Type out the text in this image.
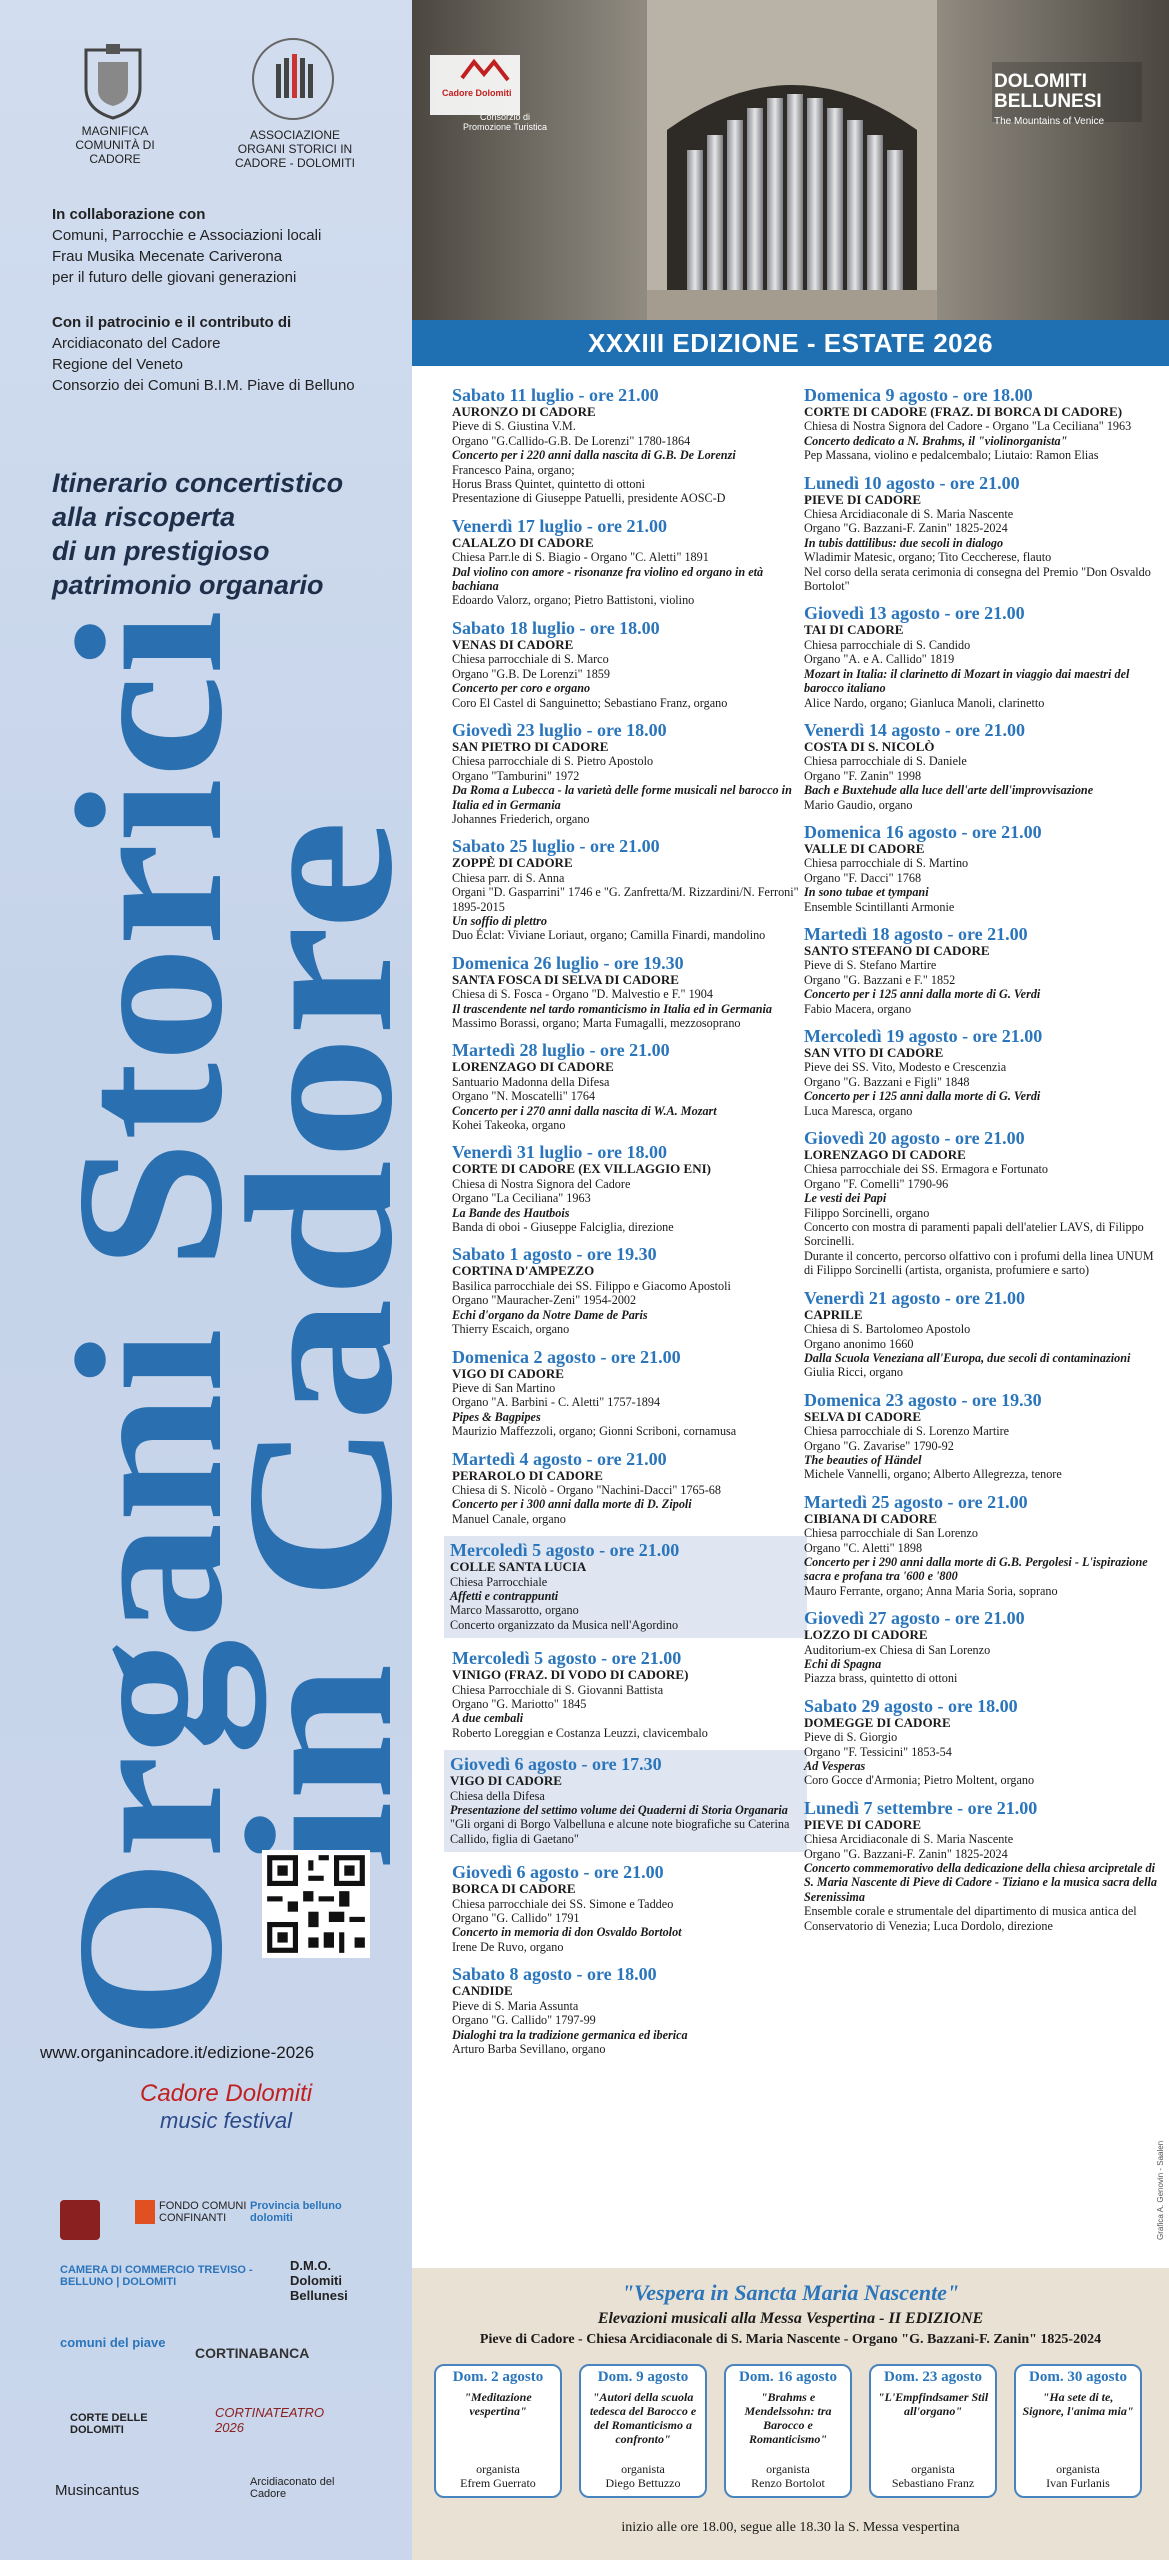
MAGNIFICA COMUNITÀ DI CADORE
ASSOCIAZIONE ORGANI STORICI IN CADORE - DOLOMITI
In collaborazione con
Comuni, Parrocchie e Associazioni locali
Frau Musika Mecenate Cariverona
per il futuro delle giovani generazioni
Con il patrocinio e il contributo di
Arcidiaconato del Cadore
Regione del Veneto
Consorzio dei Comuni B.I.M. Piave di Belluno
Itinerario concertistico
alla riscoperta
di un prestigioso
patrimonio organario
Organi Storici
in Cadore
www.organincadore.it/edizione-2026
Cadore Dolomiti
music festival
FONDO COMUNI CONFINANTI
Provincia belluno dolomiti
CAMERA DI COMMERCIO TREVISO - BELLUNO | DOLOMITI
D.M.O. Dolomiti Bellunesi
comuni del piave
CORTINABANCA
CORTE DELLE DOLOMITI
CORTINATEATRO 2026
Musincantus	Arcidiaconato del Cadore
Cadore Dolomiti
Consorzio di Promozione Turistica
DOLOMITI
BELLUNESI
The Mountains of Venice
XXXIII EDIZIONE - ESTATE 2026
Sabato 11 luglio - ore 21.00
AURONZO DI CADORE
Pieve di S. Giustina V.M.
Organo "G.Callido-G.B. De Lorenzi" 1780-1864
Concerto per i 220 anni dalla nascita di G.B. De Lorenzi
Francesco Paina, organo;
Horus Brass Quintet, quintetto di ottoni
Presentazione di Giuseppe Patuelli, presidente AOSC-D
Venerdì 17 luglio - ore 21.00
CALALZO DI CADORE
Chiesa Parr.le di S. Biagio - Organo "C. Aletti" 1891
Dal violino con amore - risonanze fra violino ed organo in età bachiana
Edoardo Valorz, organo; Pietro Battistoni, violino
Sabato 18 luglio - ore 18.00
VENAS DI CADORE
Chiesa parrocchiale di S. Marco
Organo "G.B. De Lorenzi" 1859
Concerto per coro e organo
Coro El Castel di Sanguinetto; Sebastiano Franz, organo
Giovedì 23 luglio - ore 18.00
SAN PIETRO DI CADORE
Chiesa parrocchiale di S. Pietro Apostolo
Organo "Tamburini" 1972
Da Roma a Lubecca - la varietà delle forme musicali nel barocco in Italia ed in Germania
Johannes Friederich, organo
Sabato 25 luglio - ore 21.00
ZOPPÈ DI CADORE
Chiesa parr. di S. Anna
Organi "D. Gasparrini" 1746 e "G. Zanfretta/M. Rizzardini/N. Ferroni" 1895-2015
Un soffio di plettro
Duo Éclat: Viviane Loriaut, organo; Camilla Finardi, mandolino
Domenica 26 luglio - ore 19.30
SANTA FOSCA DI SELVA DI CADORE
Chiesa di S. Fosca - Organo "D. Malvestio e F." 1904
Il trascendente nel tardo romanticismo in Italia ed in Germania
Massimo Borassi, organo; Marta Fumagalli, mezzosoprano
Martedì 28 luglio - ore 21.00
LORENZAGO DI CADORE
Santuario Madonna della Difesa
Organo "N. Moscatelli" 1764
Concerto per i 270 anni dalla nascita di W.A. Mozart
Kohei Takeoka, organo
Venerdì 31 luglio - ore 18.00
CORTE DI CADORE (EX VILLAGGIO ENI)
Chiesa di Nostra Signora del Cadore
Organo "La Ceciliana" 1963
La Bande des Hautbois
Banda di oboi - Giuseppe Falciglia, direzione
Sabato 1 agosto - ore 19.30
CORTINA D'AMPEZZO
Basilica parrocchiale dei SS. Filippo e Giacomo Apostoli
Organo "Mauracher-Zeni" 1954-2002
Echi d'organo da Notre Dame de Paris
Thierry Escaich, organo
Domenica 2 agosto - ore 21.00
VIGO DI CADORE
Pieve di San Martino
Organo "A. Barbini - C. Aletti" 1757-1894
Pipes & Bagpipes
Maurizio Maffezzoli, organo; Gionni Scriboni, cornamusa
Martedì 4 agosto - ore 21.00
PERAROLO DI CADORE
Chiesa di S. Nicolò - Organo "Nachini-Dacci" 1765-68
Concerto per i 300 anni dalla morte di D. Zipoli
Manuel Canale, organo
Mercoledì 5 agosto - ore 21.00
COLLE SANTA LUCIA
Chiesa Parrocchiale
Affetti e contrappunti
Marco Massarotto, organo
Concerto organizzato da Musica nell'Agordino
Mercoledì 5 agosto - ore 21.00
VINIGO (FRAZ. DI VODO DI CADORE)
Chiesa Parrocchiale di S. Giovanni Battista
Organo "G. Mariotto" 1845
A due cembali
Roberto Loreggian e Costanza Leuzzi, clavicembalo
Giovedì 6 agosto - ore 17.30
VIGO DI CADORE
Chiesa della Difesa
Presentazione del settimo volume dei Quaderni di Storia Organaria
"Gli organi di Borgo Valbelluna e alcune note biografiche su Caterina Callido, figlia di Gaetano"
Giovedì 6 agosto - ore 21.00
BORCA DI CADORE
Chiesa parrocchiale dei SS. Simone e Taddeo
Organo "G. Callido" 1791
Concerto in memoria di don Osvaldo Bortolot
Irene De Ruvo, organo
Sabato 8 agosto - ore 18.00
CANDIDE
Pieve di S. Maria Assunta
Organo "G. Callido" 1797-99
Dialoghi tra la tradizione germanica ed iberica
Arturo Barba Sevillano, organo
Domenica 9 agosto - ore 18.00
CORTE DI CADORE (FRAZ. DI BORCA DI CADORE)
Chiesa di Nostra Signora del Cadore - Organo "La Ceciliana" 1963
Concerto dedicato a N. Brahms, il "violinorganista"
Pep Massana, violino e pedalcembalo; Liutaio: Ramon Elias
Lunedì 10 agosto - ore 21.00
PIEVE DI CADORE
Chiesa Arcidiaconale di S. Maria Nascente
Organo "G. Bazzani-F. Zanin" 1825-2024
In tubis dattilibus: due secoli in dialogo
Wladimir Matesic, organo; Tito Ceccherese, flauto
Nel corso della serata cerimonia di consegna del Premio "Don Osvaldo Bortolot"
Giovedì 13 agosto - ore 21.00
TAI DI CADORE
Chiesa parrocchiale di S. Candido
Organo "A. e A. Callido" 1819
Mozart in Italia: il clarinetto di Mozart in viaggio dai maestri del barocco italiano
Alice Nardo, organo; Gianluca Manoli, clarinetto
Venerdì 14 agosto - ore 21.00
COSTA DI S. NICOLÒ
Chiesa parrocchiale di S. Daniele
Organo "F. Zanin" 1998
Bach e Buxtehude alla luce dell'arte dell'improvvisazione
Mario Gaudio, organo
Domenica 16 agosto - ore 21.00
VALLE DI CADORE
Chiesa parrocchiale di S. Martino
Organo "F. Dacci" 1768
In sono tubae et tympani
Ensemble Scintillanti Armonie
Martedì 18 agosto - ore 21.00
SANTO STEFANO DI CADORE
Pieve di S. Stefano Martire
Organo "G. Bazzani e F." 1852
Concerto per i 125 anni dalla morte di G. Verdi
Fabio Macera, organo
Mercoledì 19 agosto - ore 21.00
SAN VITO DI CADORE
Pieve dei SS. Vito, Modesto e Crescenzia
Organo "G. Bazzani e Figli" 1848
Concerto per i 125 anni dalla morte di G. Verdi
Luca Maresca, organo
Giovedì 20 agosto - ore 21.00
LORENZAGO DI CADORE
Chiesa parrocchiale dei SS. Ermagora e Fortunato
Organo "F. Comelli" 1790-96
Le vesti dei Papi
Filippo Sorcinelli, organo
Concerto con mostra di paramenti papali dell'atelier LAVS, di Filippo Sorcinelli.
Durante il concerto, percorso olfattivo con i profumi della linea UNUM di Filippo Sorcinelli (artista, organista, profumiere e sarto)
Venerdì 21 agosto - ore 21.00
CAPRILE
Chiesa di S. Bartolomeo Apostolo
Organo anonimo 1660
Dalla Scuola Veneziana all'Europa, due secoli di contaminazioni
Giulia Ricci, organo
Domenica 23 agosto - ore 19.30
SELVA DI CADORE
Chiesa parrocchiale di S. Lorenzo Martire
Organo "G. Zavarise" 1790-92
The beauties of Händel
Michele Vannelli, organo; Alberto Allegrezza, tenore
Martedì 25 agosto - ore 21.00
CIBIANA DI CADORE
Chiesa parrocchiale di San Lorenzo
Organo "C. Aletti" 1898
Concerto per i 290 anni dalla morte di G.B. Pergolesi - L'ispirazione sacra e profana tra '600 e '800
Mauro Ferrante, organo; Anna Maria Soria, soprano
Giovedì 27 agosto - ore 21.00
LOZZO DI CADORE
Auditorium-ex Chiesa di San Lorenzo
Echi di Spagna
Piazza brass, quintetto di ottoni
Sabato 29 agosto - ore 18.00
DOMEGGE DI CADORE
Pieve di S. Giorgio
Organo "F. Tessicini" 1853-54
Ad Vesperas
Coro Gocce d'Armonia; Pietro Moltent, organo
Lunedì 7 settembre - ore 21.00
PIEVE DI CADORE
Chiesa Arcidiaconale di S. Maria Nascente
Organo "G. Bazzani-F. Zanin" 1825-2024
Concerto commemorativo della dedicazione della chiesa arcipretale di S. Maria Nascente di Pieve di Cadore - Tiziano e la musica sacra della Serenissima
Ensemble corale e strumentale del dipartimento di musica antica del Conservatorio di Venezia; Luca Dordolo, direzione
Grafica A. Genovin - Saalen
"Vespera in Sancta Maria Nascente"
Elevazioni musicali alla Messa Vespertina - II EDIZIONE
Pieve di Cadore - Chiesa Arcidiaconale di S. Maria Nascente - Organo "G. Bazzani-F. Zanin" 1825-2024
Dom. 2 agosto
"Meditazione vespertina"
organista
Efrem Guerrato
Dom. 9 agosto
"Autori della scuola tedesca del Barocco e del Romanticismo a confronto"
organista
Diego Bettuzzo
Dom. 16 agosto
"Brahms e Mendelssohn: tra Barocco e Romanticismo"
organista
Renzo Bortolot
Dom. 23 agosto
"L'Empfindsamer Stil all'organo"
organista
Sebastiano Franz
Dom. 30 agosto
"Ha sete di te, Signore, l'anima mia"
organista
Ivan Furlanis
inizio alle ore 18.00, segue alle 18.30 la S. Messa vespertina
